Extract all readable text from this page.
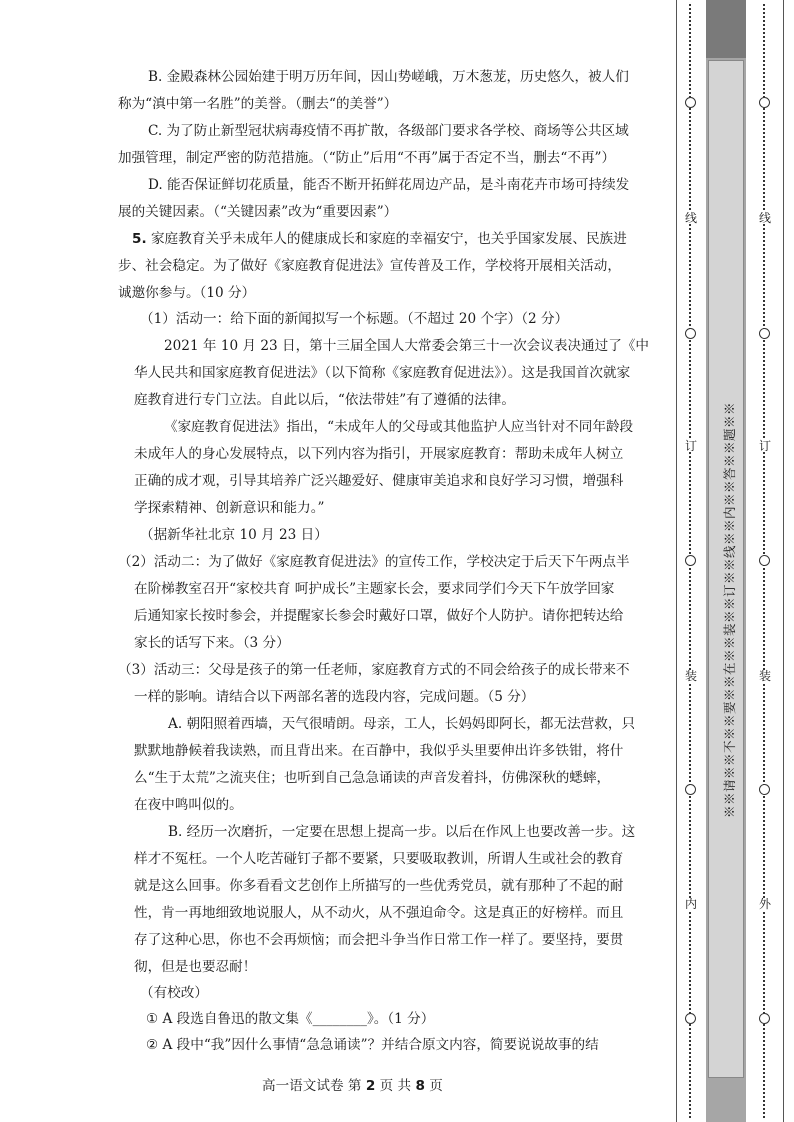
B. 金殿森林公园始建于明万历年间，因山势嵯峨，万木葱茏，历史悠久，被人们
称为“滇中第一名胜”的美誉。（删去“的美誉”）
C. 为了防止新型冠状病毒疫情不再扩散，各级部门要求各学校、商场等公共区域
加强管理，制定严密的防范措施。（“防止”后用“不再”属于否定不当，删去“不再”）
D. 能否保证鲜切花质量，能否不断开拓鲜花周边产品，是斗南花卉市场可持续发
展的关键因素。（“关键因素”改为“重要因素”）
5. 家庭教育关乎未成年人的健康成长和家庭的幸福安宁，也关乎国家发展、民族进
步、社会稳定。为了做好《家庭教育促进法》宣传普及工作，学校将开展相关活动，
诚邀你参与。（10 分）
（1）活动一：给下面的新闻拟写一个标题。（不超过 20 个字）（2 分）
2021 年 10 月 23 日，第十三届全国人大常委会第三十一次会议表决通过了《中
华人民共和国家庭教育促进法》（以下简称《家庭教育促进法》）。这是我国首次就家
庭教育进行专门立法。自此以后，“依法带娃”有了遵循的法律。
《家庭教育促进法》指出，“未成年人的父母或其他监护人应当针对不同年龄段
未成年人的身心发展特点，以下列内容为指引，开展家庭教育：帮助未成年人树立
正确的成才观，引导其培养广泛兴趣爱好、健康审美追求和良好学习习惯，增强科
学探索精神、创新意识和能力。”
（据新华社北京 10 月 23 日）
（2）活动二：为了做好《家庭教育促进法》的宣传工作，学校决定于后天下午两点半
在阶梯教室召开“家校共育 呵护成长”主题家长会，要求同学们今天下午放学回家
后通知家长按时参会，并提醒家长参会时戴好口罩，做好个人防护。请你把转达给
家长的话写下来。（3 分）
（3）活动三：父母是孩子的第一任老师，家庭教育方式的不同会给孩子的成长带来不
一样的影响。请结合以下两部名著的选段内容，完成问题。（5 分）
A. 朝阳照着西墙，天气很晴朗。母亲，工人，长妈妈即阿长，都无法营救，只
默默地静候着我读熟，而且背出来。在百静中，我似乎头里要伸出许多铁钳，将什
么“生于太荒”之流夹住；也听到自己急急诵读的声音发着抖，仿佛深秋的蟋蟀，
在夜中鸣叫似的。
B. 经历一次磨折，一定要在思想上提高一步。以后在作风上也要改善一步。这
样才不冤枉。一个人吃苦碰钉子都不要紧，只要吸取教训，所谓人生或社会的教育
就是这么回事。你多看看文艺创作上所描写的一些优秀党员，就有那种了不起的耐
性，肯一再地细致地说服人，从不动火，从不强迫命令。这是真正的好榜样。而且
存了这种心思，你也不会再烦恼；而会把斗争当作日常工作一样了。要坚持，要贯
彻，但是也要忍耐！
（有校改）
① A 段选自鲁迅的散文集《________》。（1 分）
② A 段中“我”因什么事情“急急诵读”？并结合原文内容，简要说说故事的结
高一语文试卷 第 2 页 共 8 页
线
订
装
内
※※请※※不※※要※※在※※装※※订※※线※※内※※答※※题※※
线
订
装
外
